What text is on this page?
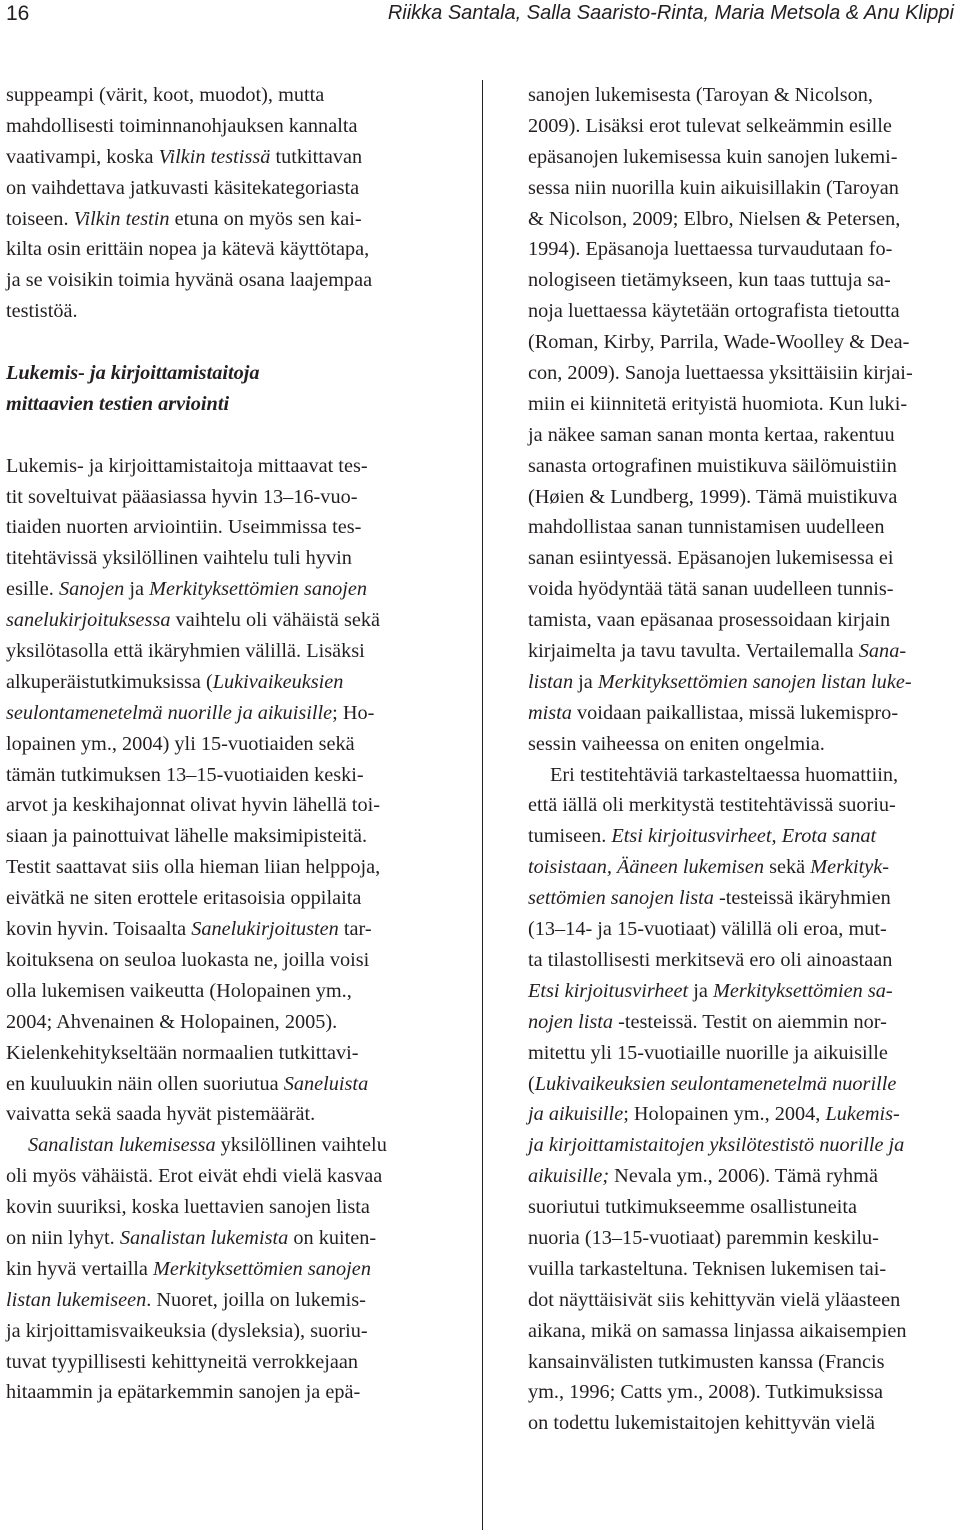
16	Riikka Santala, Salla Saaristo-Rinta, Maria Metsola & Anu Klippi
suppeampi (värit, koot, muodot), mutta
mahdollisesti toiminnanohjauksen kannalta
vaativampi, koska Vilkin testissä tutkittavan
on vaihdettava jatkuvasti käsitekategoriasta
toiseen. Vilkin testin etuna on myös sen kai-
kilta osin erittäin nopea ja kätevä käyttötapa,
ja se voisikin toimia hyvänä osana laajempaa
testistöä.
Lukemis- ja kirjoittamistaitoja
mittaavien testien arviointi
Lukemis- ja kirjoittamistaitoja mittaavat tes-
tit soveltuivat pääasiassa hyvin 13–16-vuo-
tiaiden nuorten arviointiin. Useimmissa tes-
titehtävissä yksilöllinen vaihtelu tuli hyvin
esille. Sanojen ja Merkityksettömien sanojen
sanelukirjoituksessa vaihtelu oli vähäistä sekä
yksilötasolla että ikäryhmien välillä. Lisäksi
alkuperäistutkimuksissa (Lukivaikeuksien
seulontamenetelmä nuorille ja aikuisille; Ho-
lopainen ym., 2004) yli 15-vuotiaiden sekä
tämän tutkimuksen 13–15-vuotiaiden keski-
arvot ja keskihajonnat olivat hyvin lähellä toi-
siaan ja painottuivat lähelle maksimipisteitä.
Testit saattavat siis olla hieman liian helppoja,
eivätkä ne siten erottele eritasoisia oppilaita
kovin hyvin. Toisaalta Sanelukirjoitusten tar-
koituksena on seuloa luokasta ne, joilla voisi
olla lukemisen vaikeutta (Holopainen ym.,
2004; Ahvenainen & Holopainen, 2005).
Kielenkehitykseltään normaalien tutkittavi-
en kuuluukin näin ollen suoriutua Saneluista
vaivatta sekä saada hyvät pistemäärät.
Sanalistan lukemisessa yksilöllinen vaihtelu
oli myös vähäistä. Erot eivät ehdi vielä kasvaa
kovin suuriksi, koska luettavien sanojen lista
on niin lyhyt. Sanalistan lukemista on kuiten-
kin hyvä vertailla Merkityksettömien sanojen
listan lukemiseen. Nuoret, joilla on lukemis-
ja kirjoittamisvaikeuksia (dysleksia), suoriu-
tuvat tyypillisesti kehittyneitä verrokkejaan
hitaammin ja epätarkemmin sanojen ja epä-
sanojen lukemisesta (Taroyan & Nicolson,
2009). Lisäksi erot tulevat selkeämmin esille
epäsanojen lukemisessa kuin sanojen lukemi-
sessa niin nuorilla kuin aikuisillakin (Taroyan
& Nicolson, 2009; Elbro, Nielsen & Petersen,
1994). Epäsanoja luettaessa turvaudutaan fo-
nologiseen tietämykseen, kun taas tuttuja sa-
noja luettaessa käytetään ortografista tietoutta
(Roman, Kirby, Parrila, Wade-Woolley & Dea-
con, 2009). Sanoja luettaessa yksittäisiin kirjai-
miin ei kiinnitetä erityistä huomiota. Kun luki-
ja näkee saman sanan monta kertaa, rakentuu
sanasta ortografinen muistikuva säilömuistiin
(Høien & Lundberg, 1999). Tämä muistikuva
mahdollistaa sanan tunnistamisen uudelleen
sanan esiintyessä. Epäsanojen lukemisessa ei
voida hyödyntää tätä sanan uudelleen tunnis-
tamista, vaan epäsanaa prosessoidaan kirjain
kirjaimelta ja tavu tavulta. Vertailemalla Sana-
listan ja Merkityksettömien sanojen listan luke-
mista voidaan paikallistaa, missä lukemispro-
sessin vaiheessa on eniten ongelmia.
Eri testitehtäviä tarkasteltaessa huomattiin,
että iällä oli merkitystä testitehtävissä suoriu-
tumiseen. Etsi kirjoitusvirheet, Erota sanat
toisistaan, Ääneen lukemisen sekä Merkityk-
settömien sanojen lista -testeissä ikäryhmien
(13–14- ja 15-vuotiaat) välillä oli eroa, mut-
ta tilastollisesti merkitsevä ero oli ainoastaan
Etsi kirjoitusvirheet ja Merkityksettömien sa-
nojen lista -testeissä. Testit on aiemmin nor-
mitettu yli 15-vuotiaille nuorille ja aikuisille
(Lukivaikeuksien seulontamenetelmä nuorille
ja aikuisille; Holopainen ym., 2004, Lukemis-
ja kirjoittamistaitojen yksilötestistö nuorille ja
aikuisille; Nevala ym., 2006). Tämä ryhmä
suoriutui tutkimukseemme osallistuneita
nuoria (13–15-vuotiaat) paremmin keskilu-
vuilla tarkasteltuna. Teknisen lukemisen tai-
dot näyttäisivät siis kehittyvän vielä yläasteen
aikana, mikä on samassa linjassa aikaisempien
kansainvälisten tutkimusten kanssa (Francis
ym., 1996; Catts ym., 2008). Tutkimuksissa
on todettu lukemistaitojen kehittyvän vielä
